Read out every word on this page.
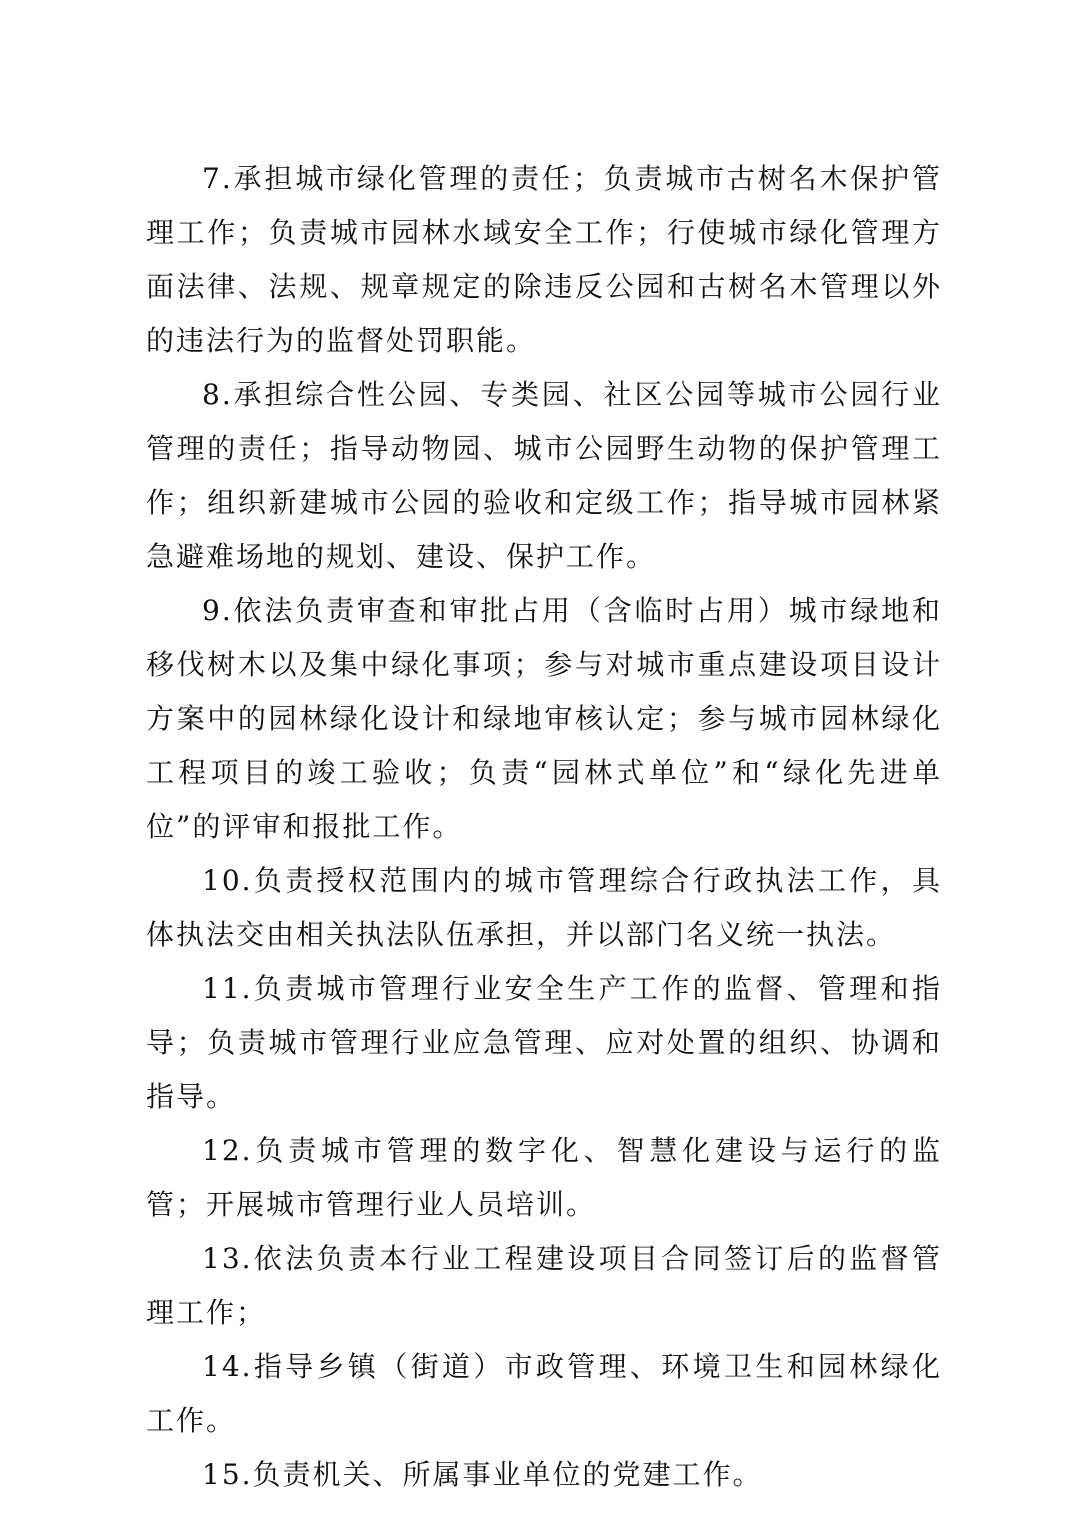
7.承担城市绿化管理的责任；负责城市古树名木保护管理工作；负责城市园林水域安全工作；行使城市绿化管理方面法律、法规、规章规定的除违反公园和古树名木管理以外的违法行为的监督处罚职能。

8.承担综合性公园、专类园、社区公园等城市公园行业管理的责任；指导动物园、城市公园野生动物的保护管理工作；组织新建城市公园的验收和定级工作；指导城市园林紧急避难场地的规划、建设、保护工作。

9.依法负责审查和审批占用（含临时占用）城市绿地和移伐树木以及集中绿化事项；参与对城市重点建设项目设计方案中的园林绿化设计和绿地审核认定；参与城市园林绿化工程项目的竣工验收；负责“园林式单位”和“绿化先进单位”的评审和报批工作。

10.负责授权范围内的城市管理综合行政执法工作，具体执法交由相关执法队伍承担，并以部门名义统一执法。

11.负责城市管理行业安全生产工作的监督、管理和指导；负责城市管理行业应急管理、应对处置的组织、协调和指导。

12.负责城市管理的数字化、智慧化建设与运行的监管；开展城市管理行业人员培训。

13.依法负责本行业工程建设项目合同签订后的监督管理工作；

14.指导乡镇（街道）市政管理、环境卫生和园林绿化工作。

15.负责机关、所属事业单位的党建工作。
